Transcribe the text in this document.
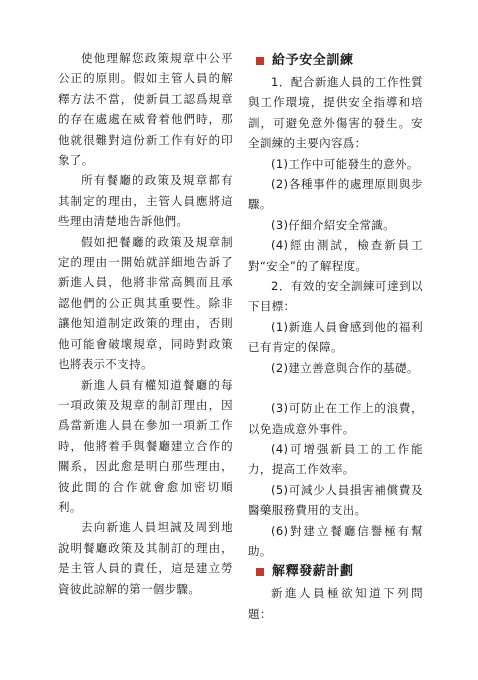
使他理解您政策規章中公平公正的原則。假如主管人員的解釋方法不當，使新員工認爲規章的存在處處在威脅着他們時，那他就很難對這份新工作有好的印象了。

所有餐廳的政策及規章都有其制定的理由，主管人員應將這些理由清楚地告訴他們。

假如把餐廳的政策及規章制定的理由一開始就詳細地告訴了新進人員，他將非常高興而且承認他們的公正與其重要性。除非讓他知道制定政策的理由，否則他可能會破壞規章，同時對政策也將表示不支持。

新進人員有權知道餐廳的每一項政策及規章的制訂理由，因爲當新進人員在參加一項新工作時，他將着手與餐廳建立合作的關系，因此愈是明白那些理由，彼此間的合作就會愈加密切順利。

去向新進人員坦誠及周到地說明餐廳政策及其制訂的理由，是主管人員的責任，這是建立勞資彼此諒解的第一個步驟。

給予安全訓練

1．配合新進人員的工作性質與工作環境，提供安全指導和培訓，可避免意外傷害的發生。安全訓練的主要內容爲：

(1)工作中可能發生的意外。

(2)各種事件的處理原則與步驟。

(3)仔細介紹安全常識。

(4)經由測試，檢查新員工對“安全”的了解程度。

2．有效的安全訓練可達到以下目標：

(1)新進人員會感到他的福利已有肯定的保障。

(2)建立善意與合作的基礎。

(3)可防止在工作上的浪費，以免造成意外事件。

(4)可增强新員工的工作能力，提高工作效率。

(5)可減少人員損害補償費及醫藥服務費用的支出。

(6)對建立餐廳信譽極有幫助。

解釋發薪計劃

新進人員極欲知道下列問題：
